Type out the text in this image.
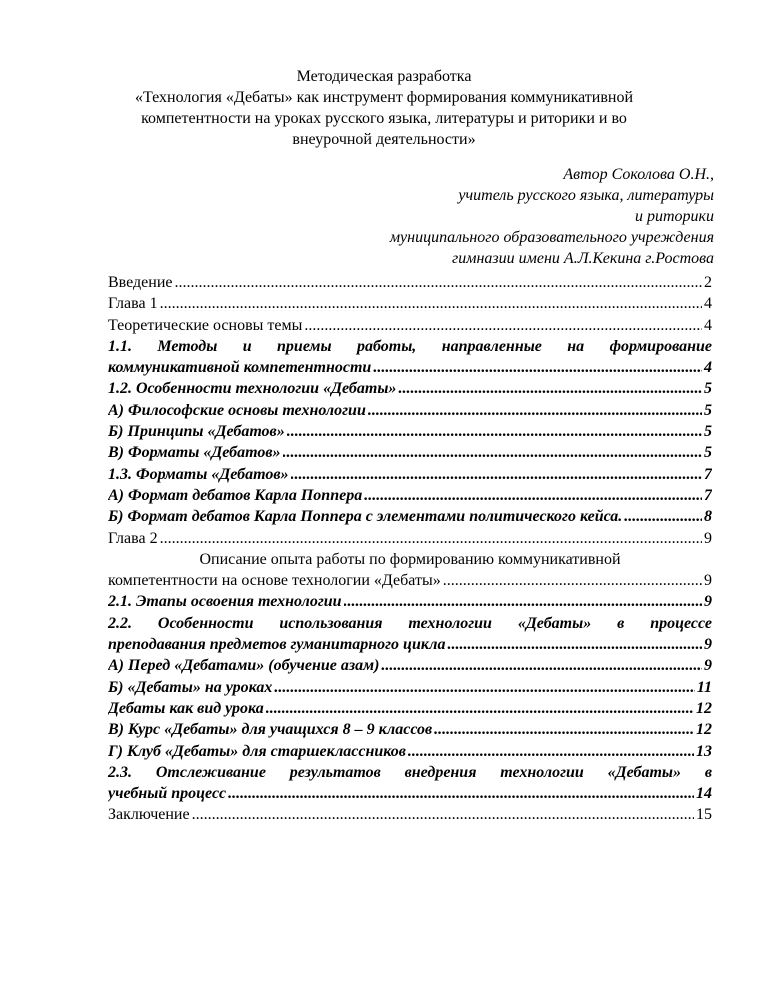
Методическая разработка
«Технология «Дебаты» как инструмент формирования коммуникативной
компетентности на уроках русского языка, литературы и риторики и во
внеурочной деятельности»
Автор Соколова О.Н.,
учитель русского языка, литературы
и риторики
муниципального образовательного учреждения
гимназии имени А.Л.Кекина г.Ростова
Введение .....	2
Глава 1 .....	4
Теоретические основы темы .....	4
1.1. Методы и приемы работы, направленные на формирование
коммуникативной компетентности .....	4
1.2. Особенности технологии «Дебаты» .....	5
А) Философские основы технологии .....	5
Б) Принципы «Дебатов» .....	5
В) Форматы «Дебатов» .....	5
1.3. Форматы «Дебатов» .....	7
А) Формат дебатов Карла Поппера .....	7
Б) Формат дебатов Карла Поппера с элементами политического кейса. .....	8
Глава 2 .....	9
Описание опыта работы по формированию коммуникативной
компетентности на основе технологии «Дебаты» .....	9
2.1. Этапы освоения технологии .....	9
2.2. Особенности использования технологии «Дебаты» в процессе
преподавания предметов гуманитарного цикла .....	9
А) Перед «Дебатами» (обучение азам) .....	9
Б) «Дебаты» на уроках .....	11
Дебаты как вид урока .....	12
В) Курс «Дебаты» для учащихся 8 – 9 классов .....	12
Г) Клуб «Дебаты» для старшеклассников .....	13
2.3. Отслеживание результатов внедрения технологии «Дебаты» в
учебный процесс .....	14
Заключение .....	15
